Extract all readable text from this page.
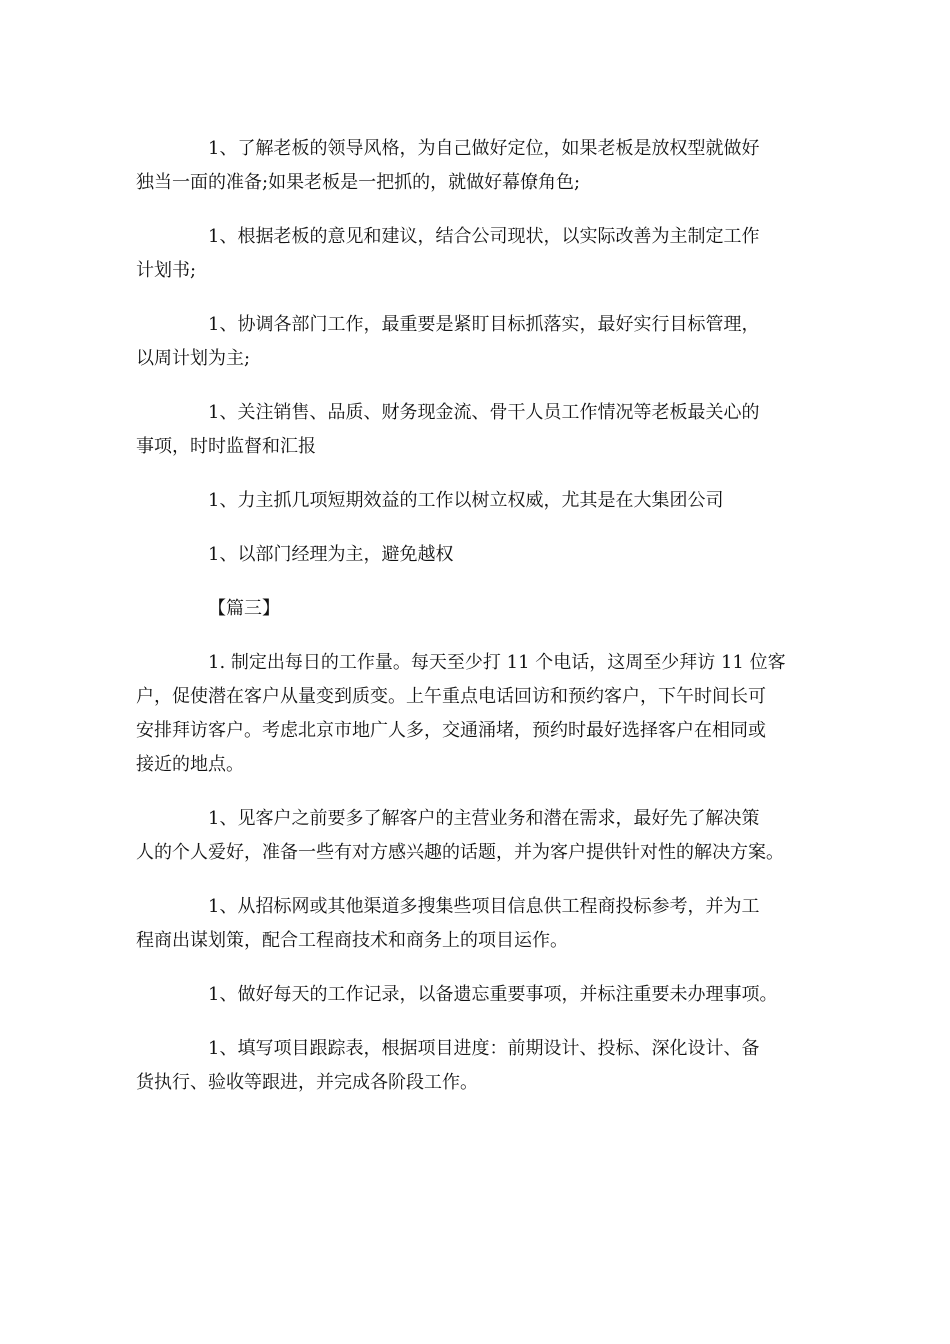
1、了解老板的领导风格，为自己做好定位，如果老板是放权型就做好
独当一面的准备;如果老板是一把抓的，就做好幕僚角色;
1、根据老板的意见和建议，结合公司现状，以实际改善为主制定工作
计划书;
1、协调各部门工作，最重要是紧盯目标抓落实，最好实行目标管理，
以周计划为主;
1、关注销售、品质、财务现金流、骨干人员工作情况等老板最关心的
事项，时时监督和汇报
1、力主抓几项短期效益的工作以树立权威，尤其是在大集团公司
1、以部门经理为主，避免越权
【篇三】
1. 制定出每日的工作量。每天至少打 11 个电话，这周至少拜访 11 位客
户，促使潜在客户从量变到质变。上午重点电话回访和预约客户，下午时间长可
安排拜访客户。考虑北京市地广人多，交通涌堵，预约时最好选择客户在相同或
接近的地点。
1、见客户之前要多了解客户的主营业务和潜在需求，最好先了解决策
人的个人爱好，准备一些有对方感兴趣的话题，并为客户提供针对性的解决方案。
1、从招标网或其他渠道多搜集些项目信息供工程商投标参考，并为工
程商出谋划策，配合工程商技术和商务上的项目运作。
1、做好每天的工作记录，以备遗忘重要事项，并标注重要未办理事项。
1、填写项目跟踪表，根据项目进度：前期设计、投标、深化设计、备
货执行、验收等跟进，并完成各阶段工作。
